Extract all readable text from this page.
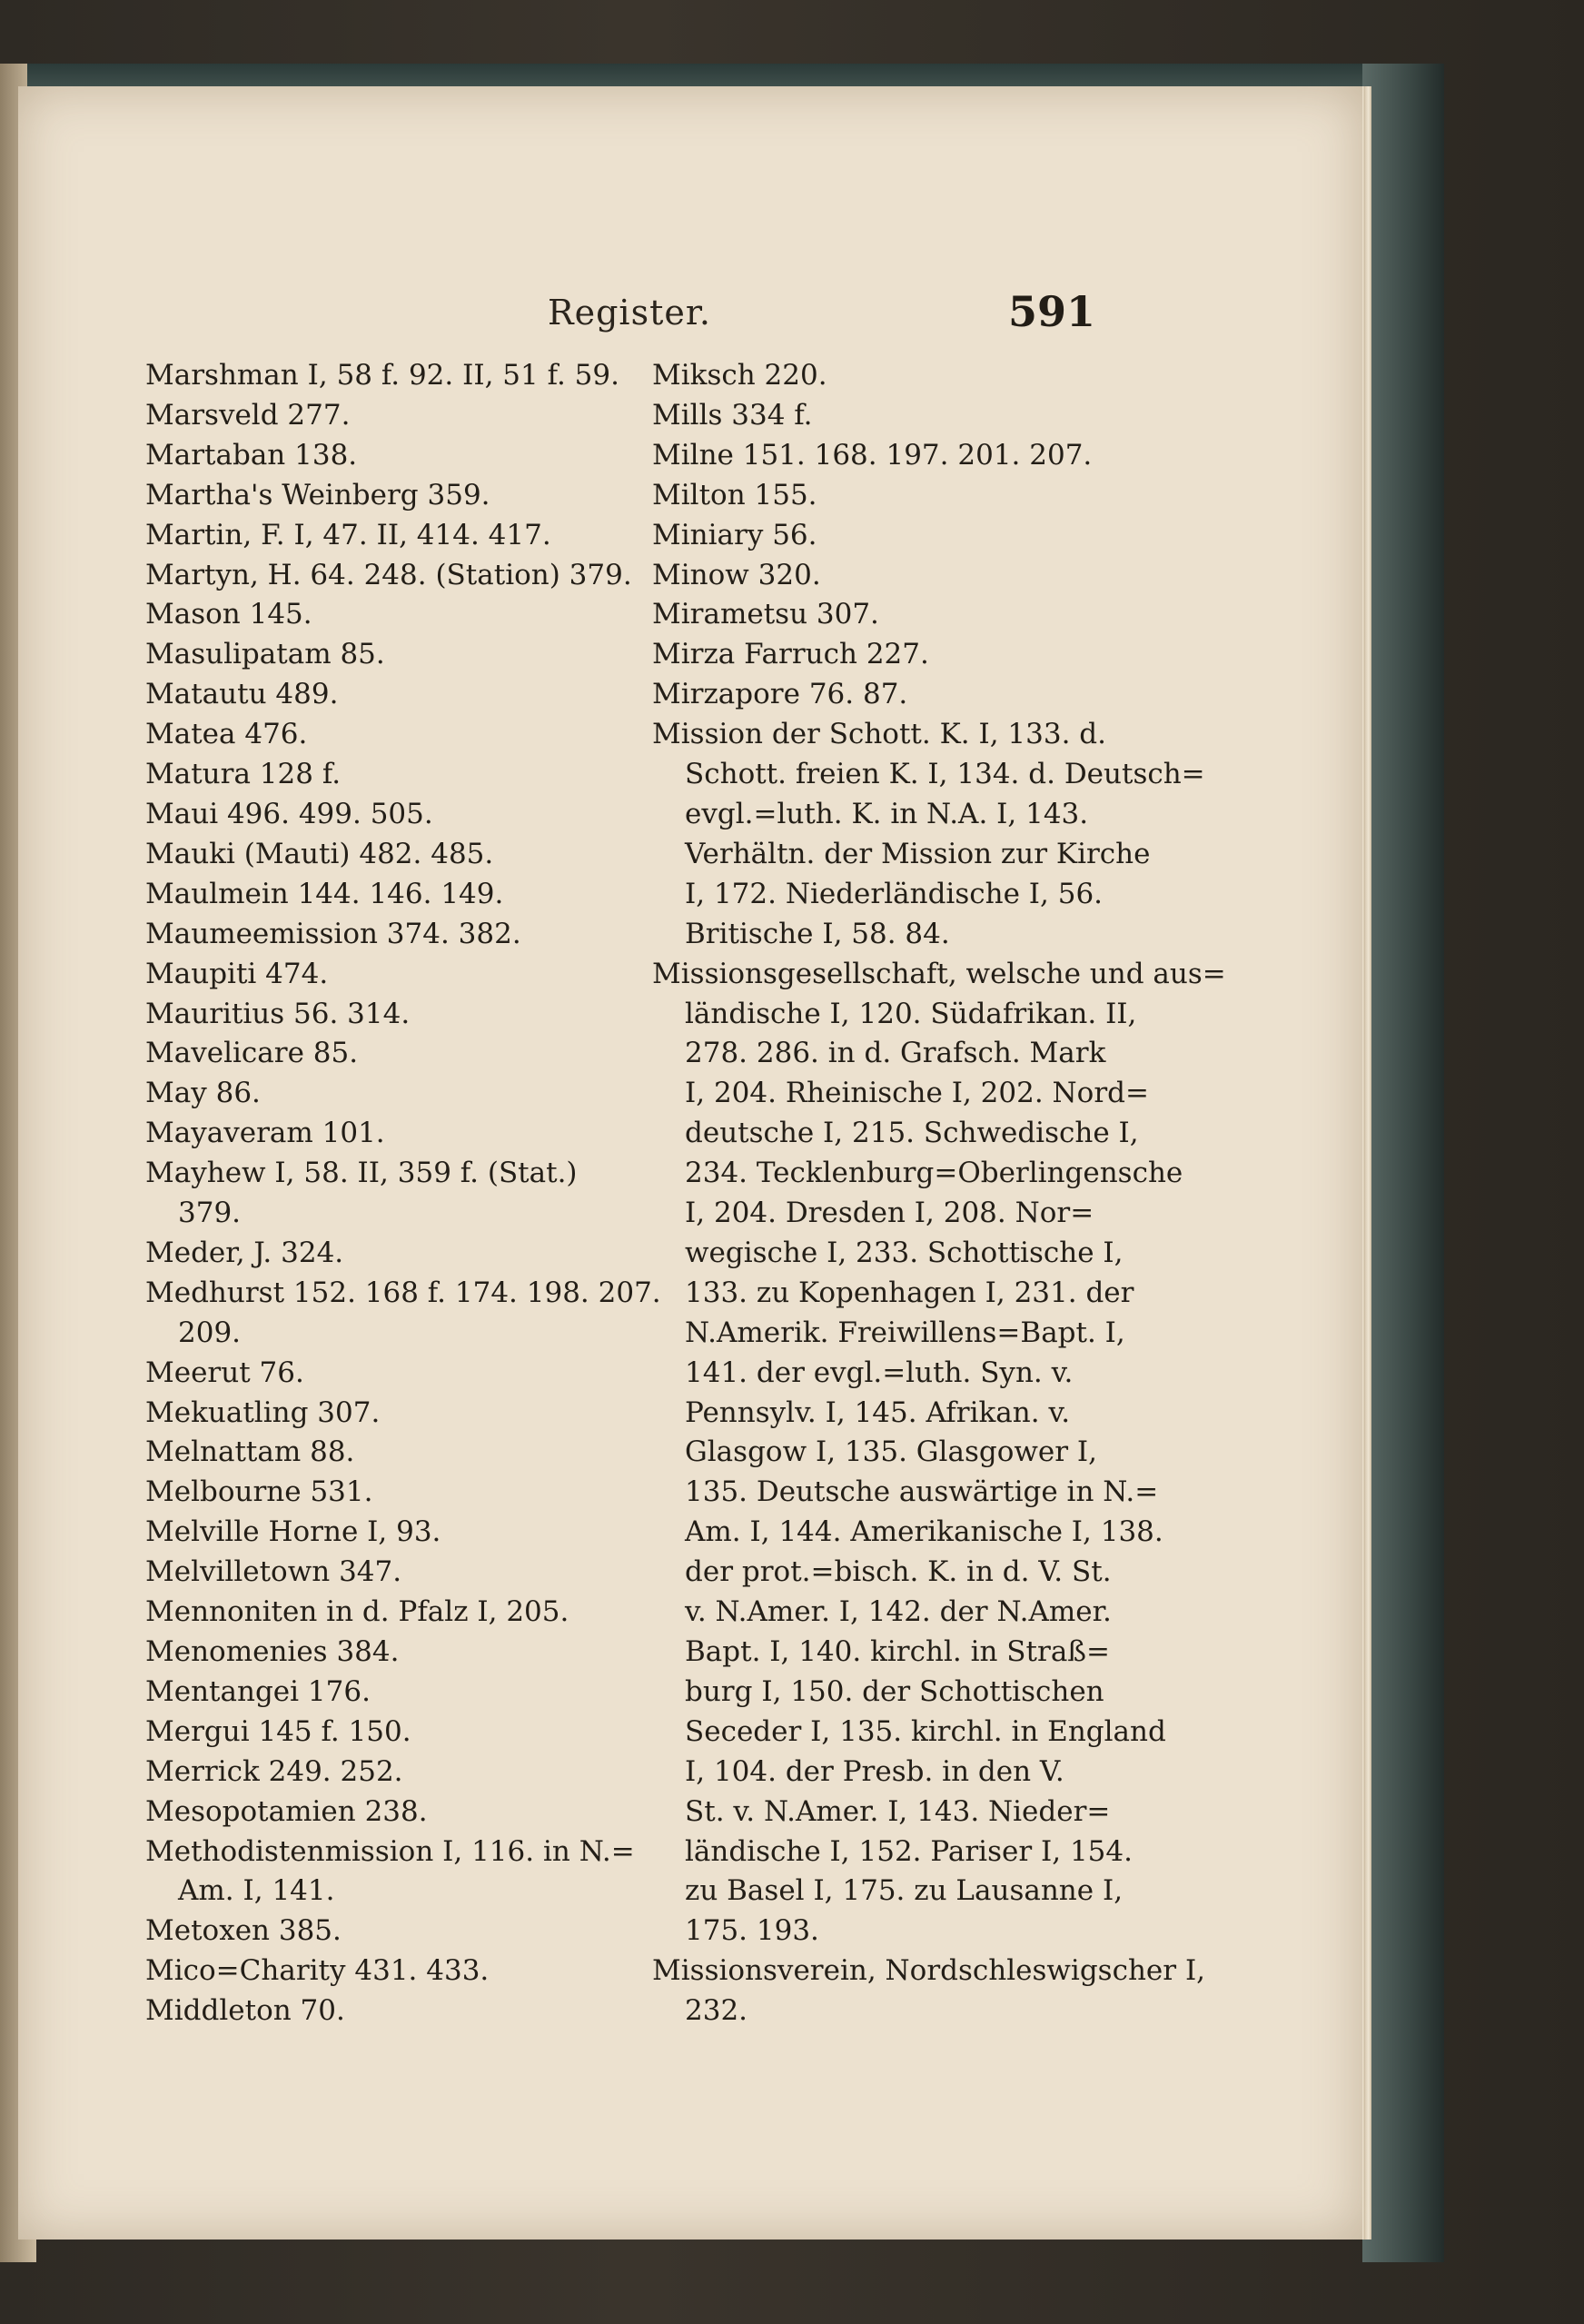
Register.	591
Marshman I, 58 f. 92. II, 51 f. 59.
Marsveld 277.
Martaban 138.
Martha's Weinberg 359.
Martin, F. I, 47. II, 414. 417.
Martyn, H. 64. 248. (Station) 379.
Mason 145.
Masulipatam 85.
Matautu 489.
Matea 476.
Matura 128 f.
Maui 496. 499. 505.
Mauki (Mauti) 482. 485.
Maulmein 144. 146. 149.
Maumeemission 374. 382.
Maupiti 474.
Mauritius 56. 314.
Mavelicare 85.
May 86.
Mayaveram 101.
Mayhew I, 58. II, 359 f. (Stat.)
379.
Meder, J. 324.
Medhurst 152. 168 f. 174. 198. 207.
209.
Meerut 76.
Mekuatling 307.
Melnattam 88.
Melbourne 531.
Melville Horne I, 93.
Melvilletown 347.
Mennoniten in d. Pfalz I, 205.
Menomenies 384.
Mentangei 176.
Mergui 145 f. 150.
Merrick 249. 252.
Mesopotamien 238.
Methodistenmission I, 116. in N.=
Am. I, 141.
Metoxen 385.
Mico=Charity 431. 433.
Middleton 70.
Miksch 220.
Mills 334 f.
Milne 151. 168. 197. 201. 207.
Milton 155.
Miniary 56.
Minow 320.
Mirametsu 307.
Mirza Farruch 227.
Mirzapore 76. 87.
Mission der Schott. K. I, 133. d.
Schott. freien K. I, 134. d. Deutsch=
evgl.=luth. K. in N.A. I, 143.
Verhältn. der Mission zur Kirche
I, 172. Niederländische I, 56.
Britische I, 58. 84.
Missionsgesellschaft, welsche und aus=
ländische I, 120. Südafrikan. II,
278. 286. in d. Grafsch. Mark
I, 204. Rheinische I, 202. Nord=
deutsche I, 215. Schwedische I,
234. Tecklenburg=Oberlingensche
I, 204. Dresden I, 208. Nor=
wegische I, 233. Schottische I,
133. zu Kopenhagen I, 231. der
N.Amerik. Freiwillens=Bapt. I,
141. der evgl.=luth. Syn. v.
Pennsylv. I, 145. Afrikan. v.
Glasgow I, 135. Glasgower I,
135. Deutsche auswärtige in N.=
Am. I, 144. Amerikanische I, 138.
der prot.=bisch. K. in d. V. St.
v. N.Amer. I, 142. der N.Amer.
Bapt. I, 140. kirchl. in Straß=
burg I, 150. der Schottischen
Seceder I, 135. kirchl. in England
I, 104. der Presb. in den V.
St. v. N.Amer. I, 143. Nieder=
ländische I, 152. Pariser I, 154.
zu Basel I, 175. zu Lausanne I,
175. 193.
Missionsverein, Nordschleswigscher I,
232.
